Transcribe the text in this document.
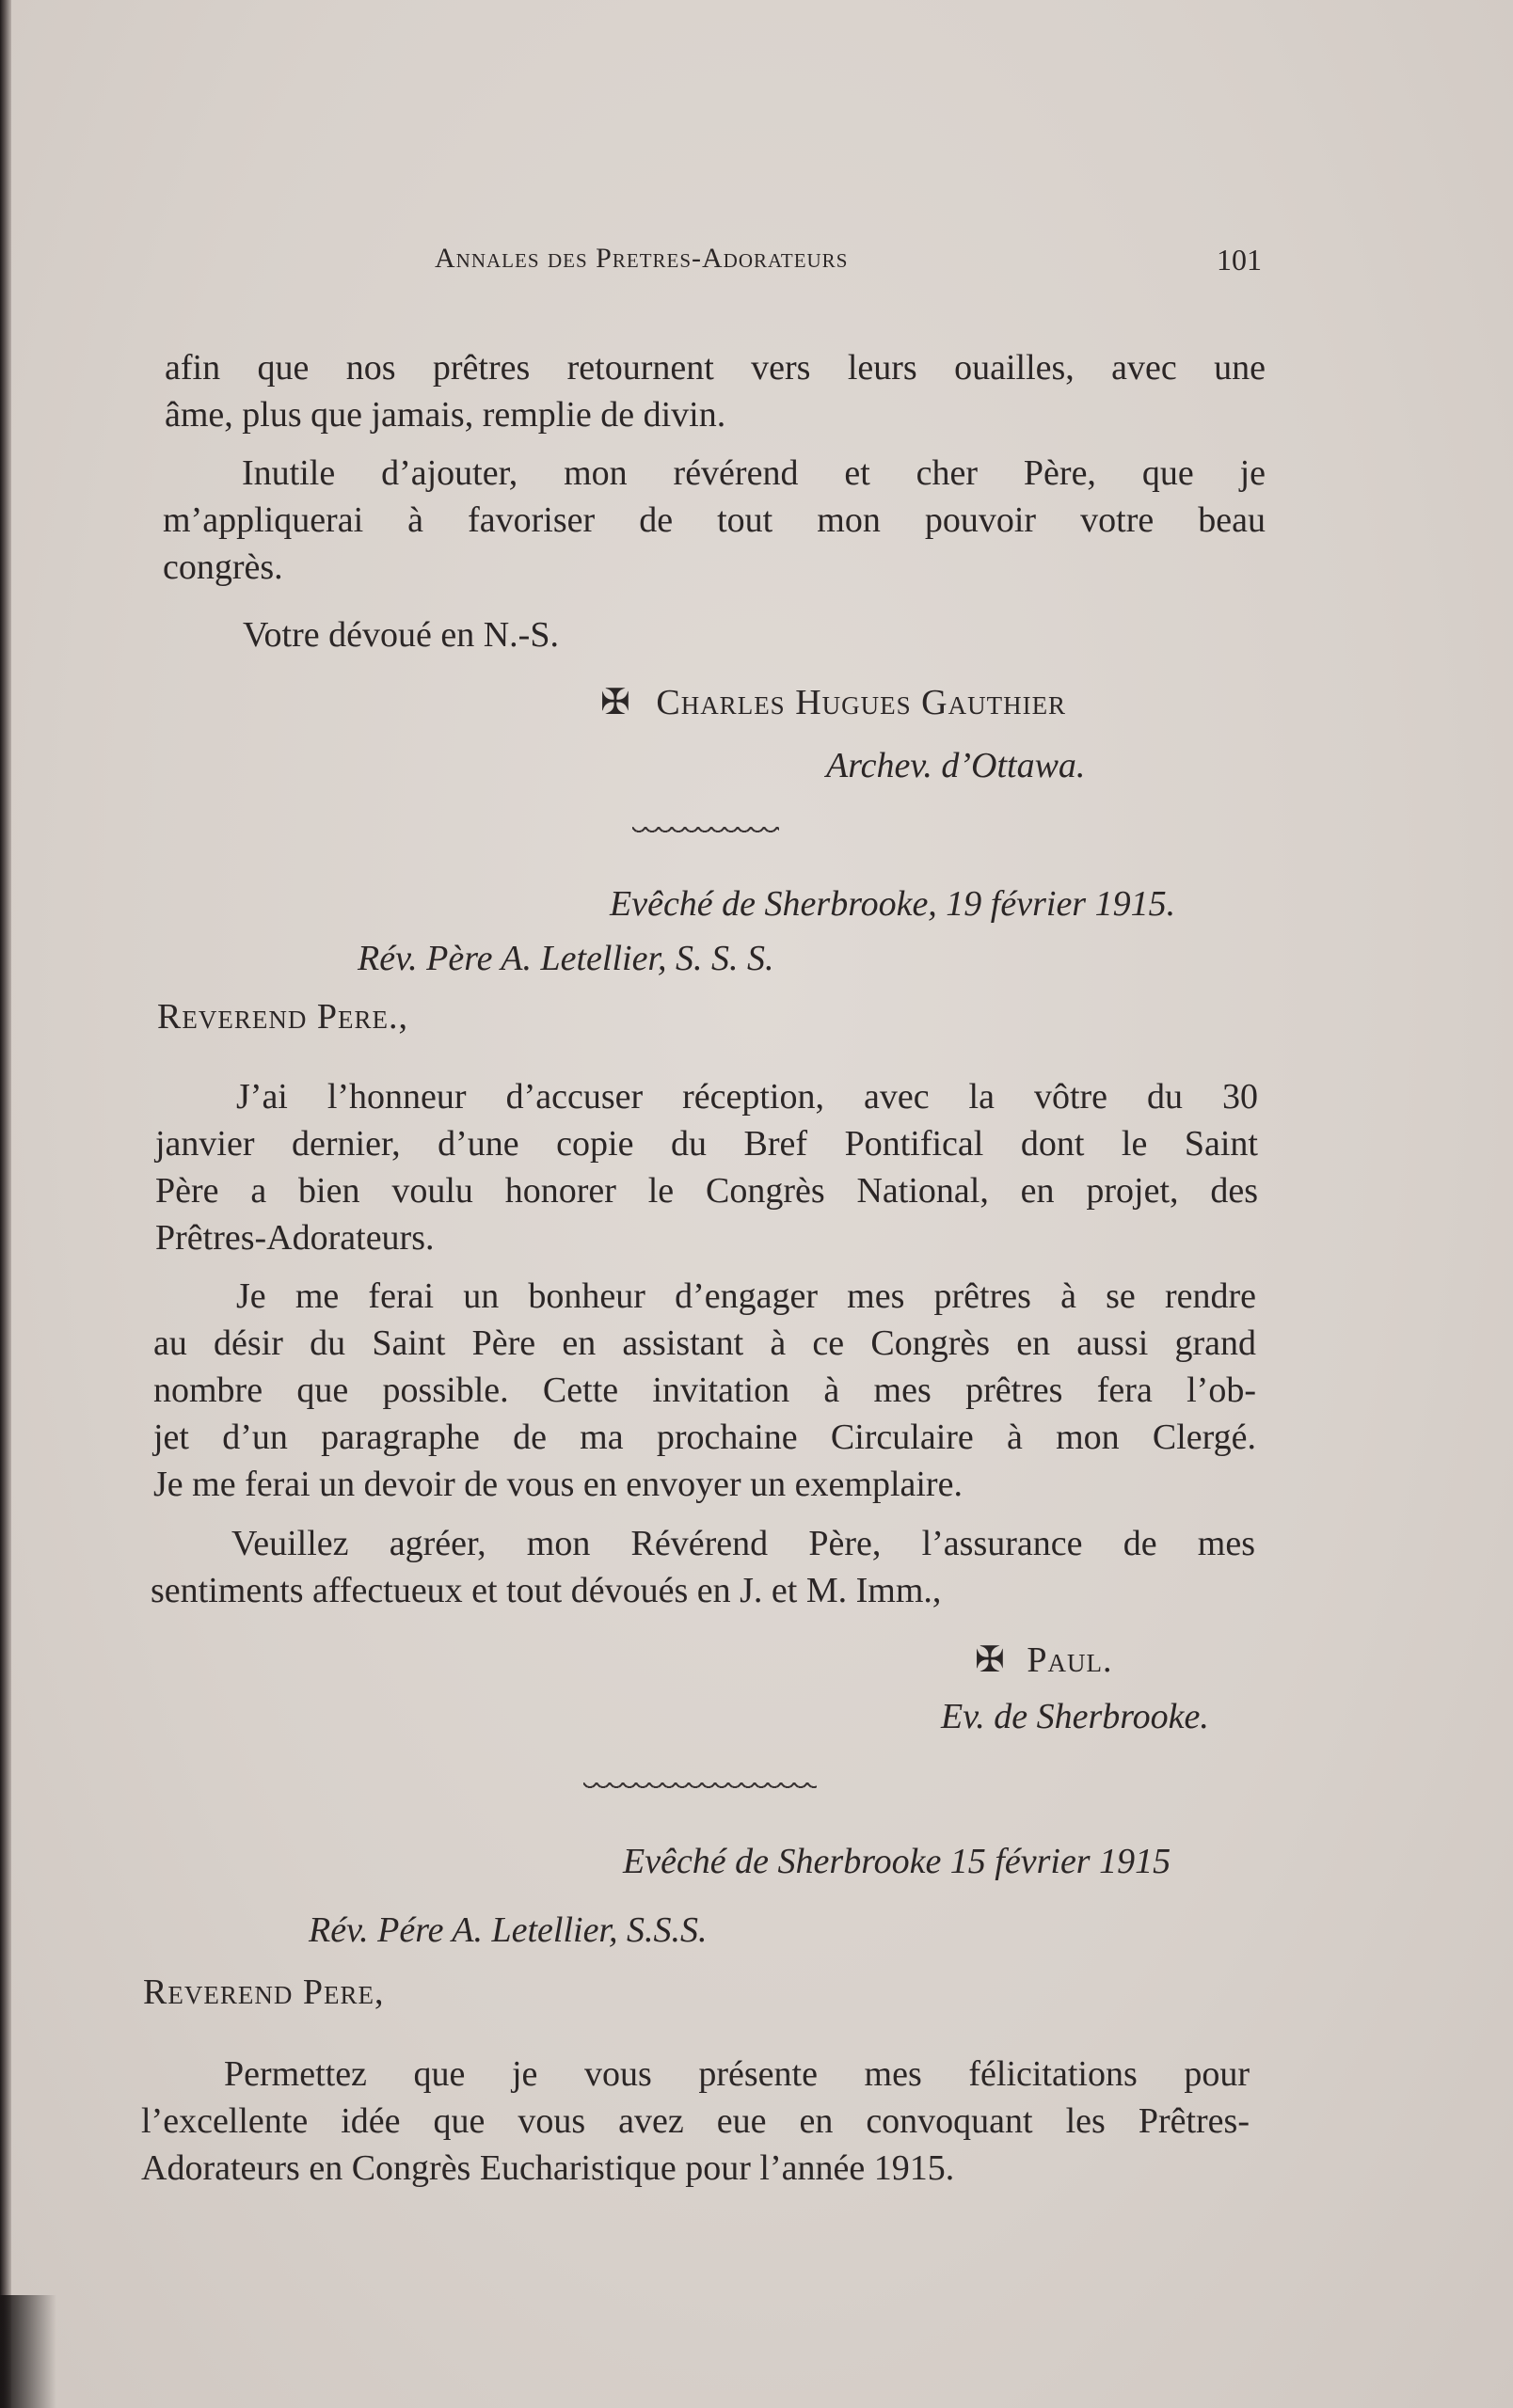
Annales des Pretres-Adorateurs	101
afin que nos prêtres retournent vers leurs ouailles, avec une
âme, plus que jamais, remplie de divin.
Inutile d’ajouter, mon révérend et cher Père, que je
m’appliquerai à favoriser de tout mon pouvoir votre beau
congrès.
Votre dévoué en N.-S.
✠ Charles Hugues Gauthier
Archev. d’Ottawa.
Evêché de Sherbrooke, 19 février 1915.
Rév. Père A. Letellier, S. S. S.
Reverend Pere.,
J’ai l’honneur d’accuser réception, avec la vôtre du 30
janvier dernier, d’une copie du Bref Pontifical dont le Saint
Père a bien voulu honorer le Congrès National, en projet, des
Prêtres-Adorateurs.
Je me ferai un bonheur d’engager mes prêtres à se rendre
au désir du Saint Père en assistant à ce Congrès en aussi grand
nombre que possible. Cette invitation à mes prêtres fera l’ob-
jet d’un paragraphe de ma prochaine Circulaire à mon Clergé.
Je me ferai un devoir de vous en envoyer un exemplaire.
Veuillez agréer, mon Révérend Père, l’assurance de mes
sentiments affectueux et tout dévoués en J. et M. Imm.,
✠ Paul.
Ev. de Sherbrooke.
Evêché de Sherbrooke 15 février 1915
Rév. Pére A. Letellier, S.S.S.
Reverend Pere,
Permettez que je vous présente mes félicitations pour
l’excellente idée que vous avez eue en convoquant les Prêtres-
Adorateurs en Congrès Eucharistique pour l’année 1915.
